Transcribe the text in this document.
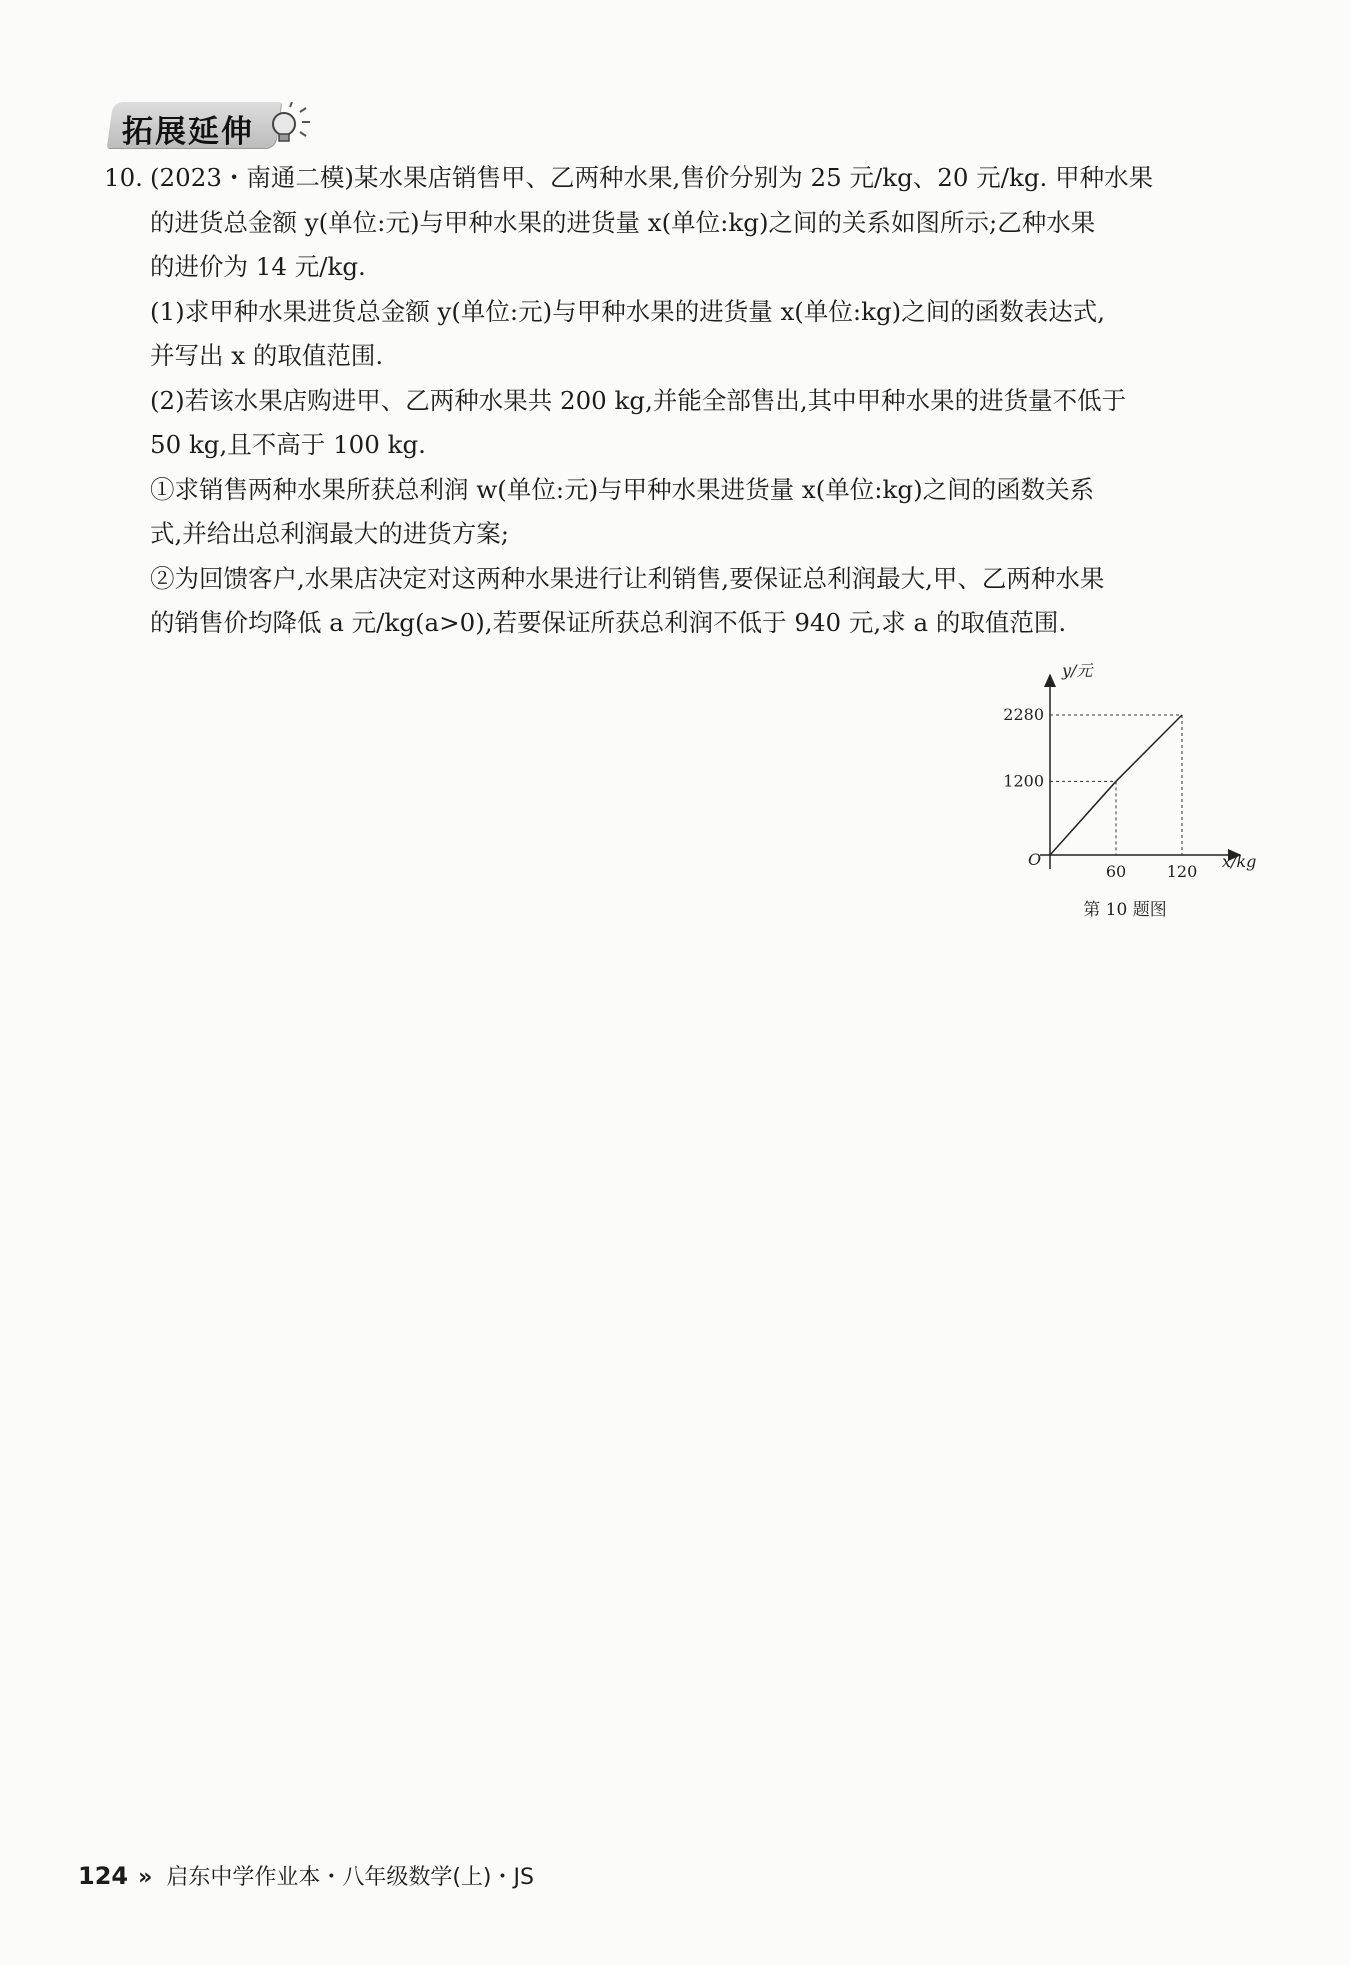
拓展延伸

10. (2023・南通二模)某水果店销售甲、乙两种水果,售价分别为 25 元/kg、20 元/kg. 甲种水果

的进货总金额 y(单位:元)与甲种水果的进货量 x(单位:kg)之间的关系如图所示;乙种水果

的进价为 14 元/kg.

(1)求甲种水果进货总金额 y(单位:元)与甲种水果的进货量 x(单位:kg)之间的函数表达式,

并写出 x 的取值范围.

(2)若该水果店购进甲、乙两种水果共 200 kg,并能全部售出,其中甲种水果的进货量不低于

50 kg,且不高于 100 kg.

①求销售两种水果所获总利润 w(单位:元)与甲种水果进货量 x(单位:kg)之间的函数关系

式,并给出总利润最大的进货方案;

②为回馈客户,水果店决定对这两种水果进行让利销售,要保证总利润最大,甲、乙两种水果

的销售价均降低 a 元/kg(a>0),若要保证所获总利润不低于 940 元,求 a 的取值范围.

60	120
1200
2280
y/元
x/kg
O
第 10 题图
124 » 启东中学作业本・八年级数学(上)・JS
